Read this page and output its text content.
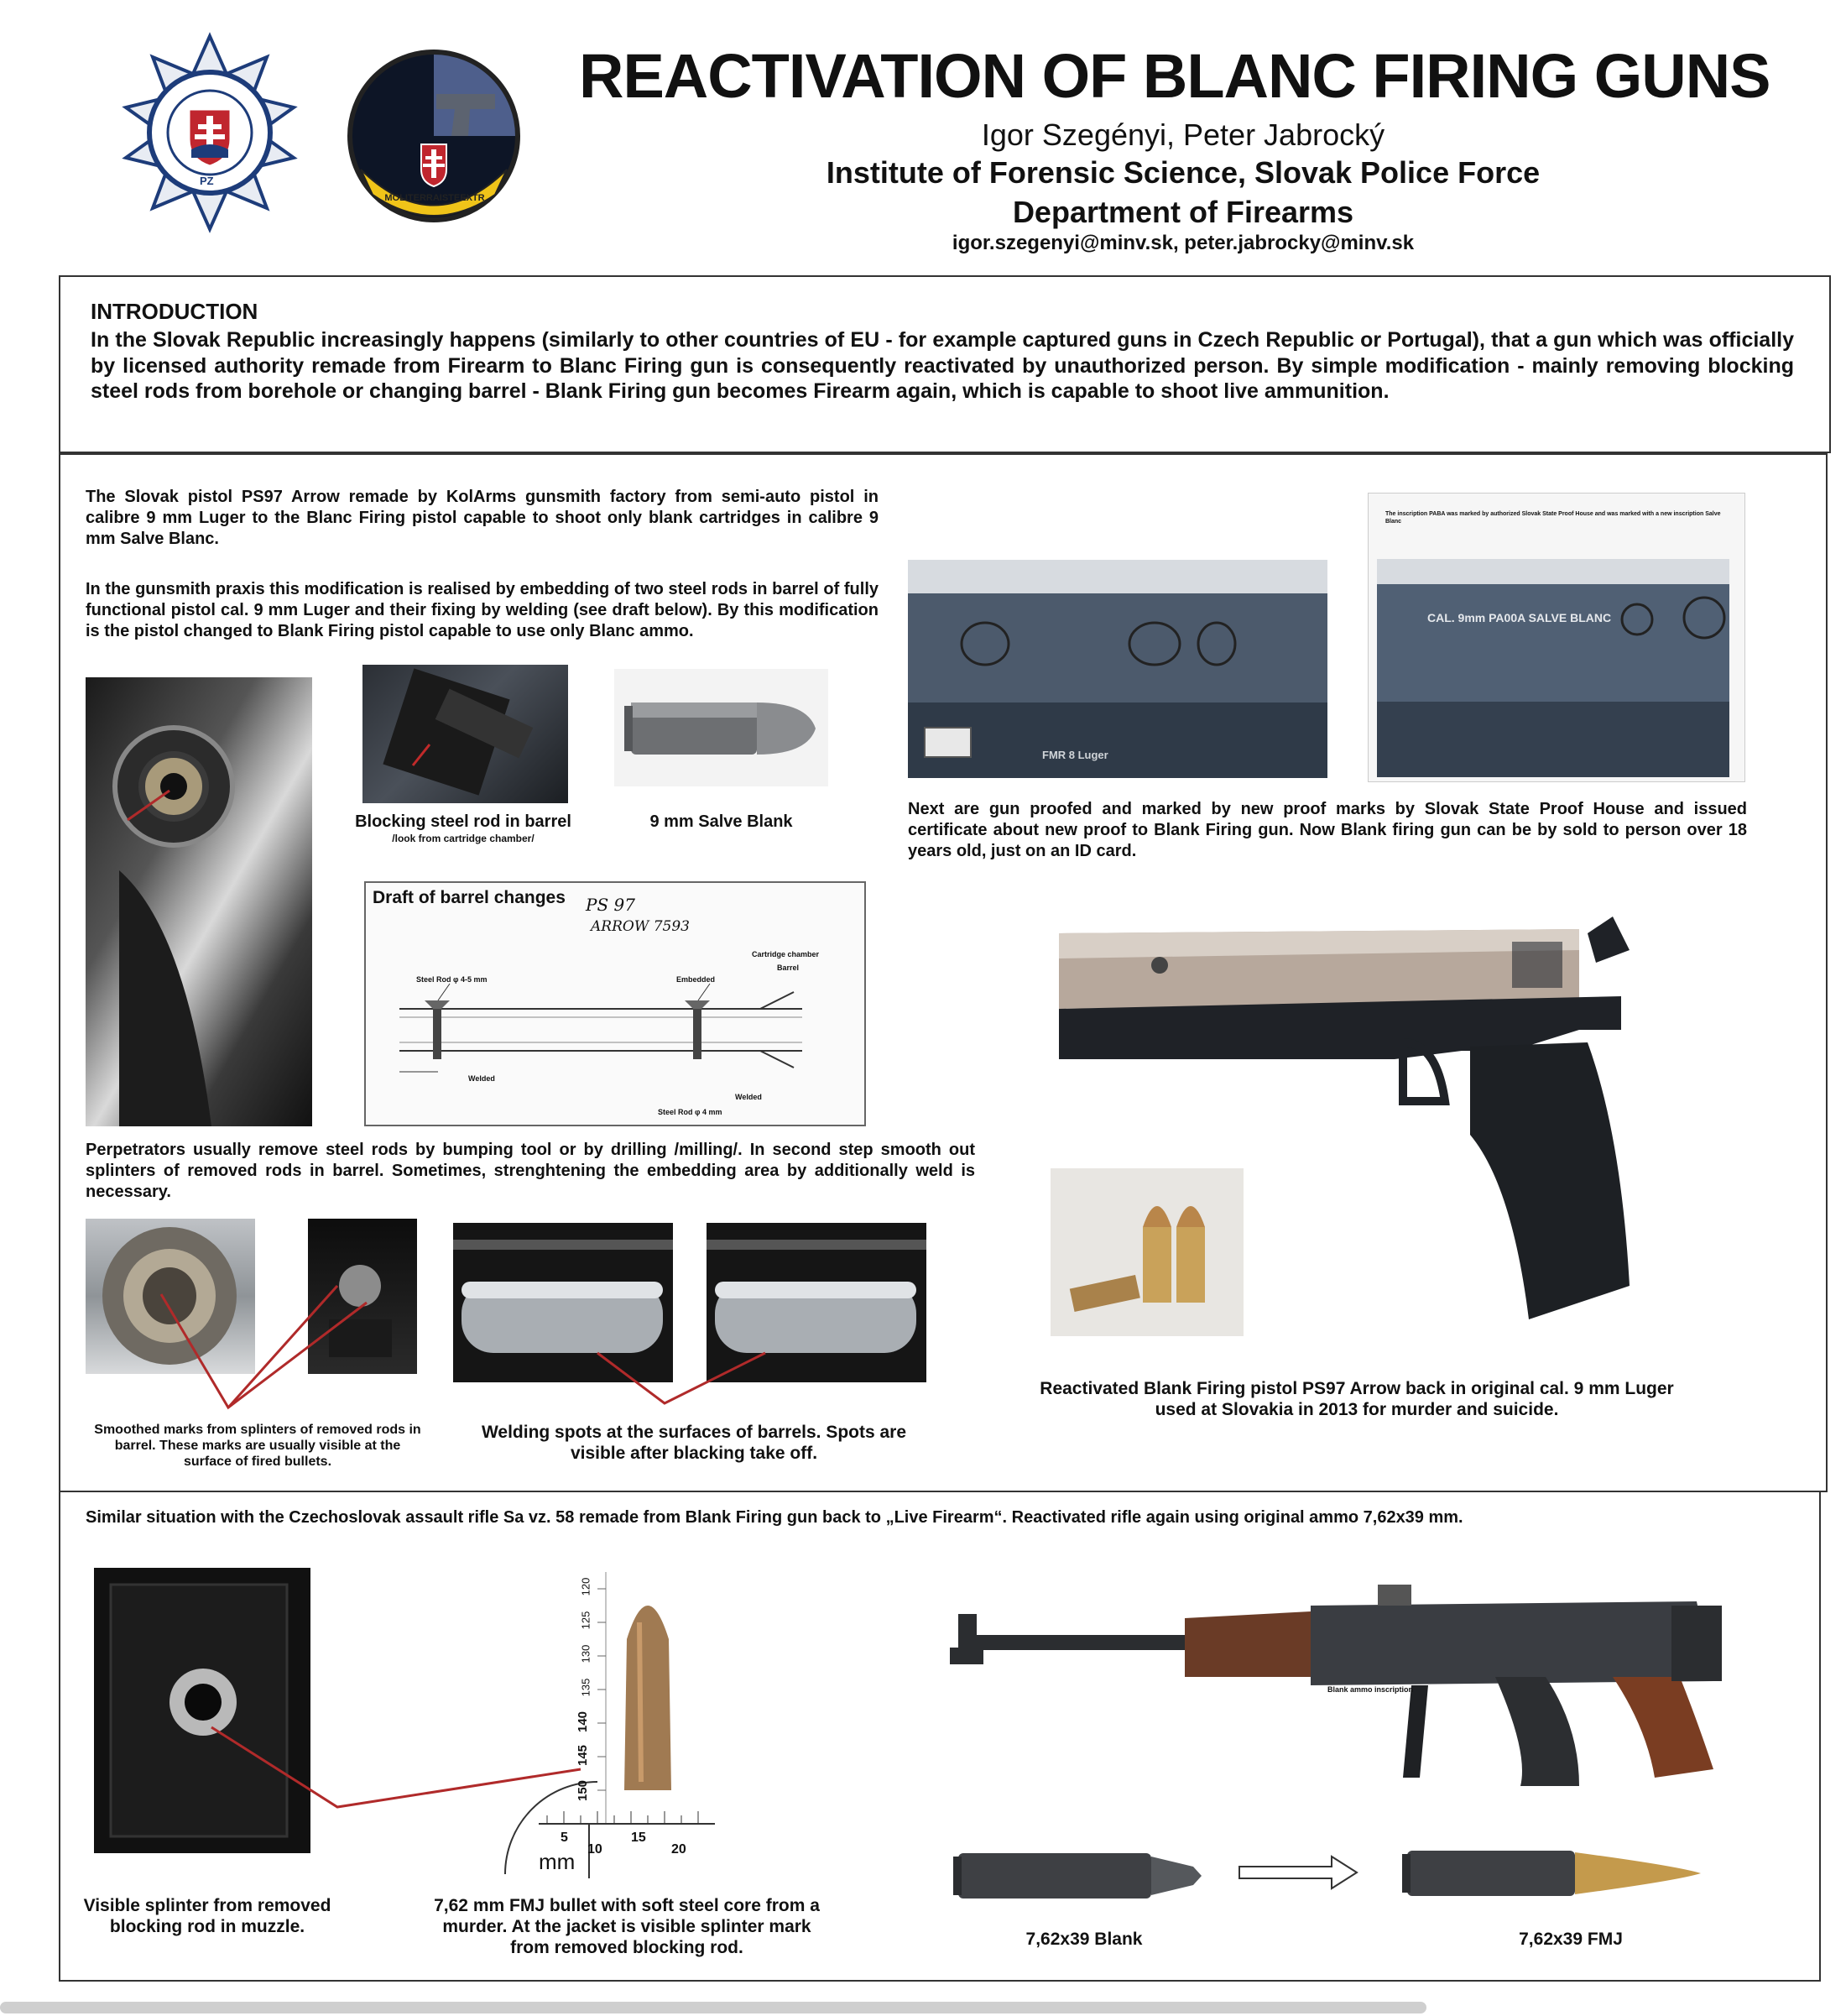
PZ
MOLITERRAISTEEXTR
REACTIVATION OF BLANC FIRING GUNS
Igor Szegényi, Peter Jabrocký
Institute of Forensic Science, Slovak Police Force
Department of Firearms
igor.szegenyi@minv.sk, peter.jabrocky@minv.sk
INTRODUCTION
In the Slovak Republic increasingly happens (similarly to other countries of EU - for example captured guns in Czech Republic or Portugal), that a gun which was officially by licensed authority remade from Firearm to Blanc Firing gun is consequently reactivated by unauthorized person. By simple modification - mainly removing blocking steel rods from borehole or changing barrel - Blank Firing gun becomes Firearm again, which is capable to shoot live ammunition.
The Slovak pistol PS97 Arrow remade by KolArms gunsmith factory from semi-auto pistol in calibre 9 mm Luger to the Blanc Firing pistol capable to shoot only blank cartridges in calibre 9 mm Salve Blanc.
In the gunsmith praxis this modification is realised by embedding of two steel rods in barrel of fully functional pistol cal. 9 mm Luger and their fixing by welding (see draft below). By this modification is the pistol changed to Blank Firing pistol capable to use only Blanc ammo.
Blocking steel rod in barrel
/look from cartridge chamber/
9 mm Salve Blank
Draft of barrel changes PS 97
ARROW 7593
Steel Rod φ 4-5 mm	Embedded
Cartridge chamber
Barrel
Welded
Welded
Steel Rod φ 4 mm
FMR 8 Luger
The inscription PABA was marked by authorized Slovak State Proof House and was marked with a new inscription Salve Blanc
CAL. 9mm PA00A SALVE BLANC
Next are gun proofed and marked by new proof marks by Slovak State Proof House and issued certificate about new proof to Blank Firing gun. Now Blank firing gun can be by sold to person over 18 years old, just on an ID card.
Reactivated Blank Firing pistol PS97 Arrow back in original cal. 9 mm Luger used at Slovakia in 2013 for murder and suicide.
Perpetrators usually remove steel rods by bumping tool or by drilling /milling/. In second step smooth out splinters of removed rods in barrel. Sometimes, strenghtening the embedding area by additionally weld is necessary.
Smoothed marks from splinters of removed rods in barrel. These marks are usually visible at the surface of fired bullets.
Welding spots at the surfaces of barrels. Spots are visible after blacking take off.
Similar situation with the Czechoslovak assault rifle Sa vz. 58 remade from Blank Firing gun back to „Live Firearm“. Reactivated rifle again using original ammo 7,62x39 mm.
Visible splinter from removed blocking rod in muzzle.
120
125
130
135
140
145
150
5
10
15
20
mm
7,62 mm FMJ bullet with soft steel core from a murder. At the jacket is visible splinter mark from removed blocking rod.
Blank ammo inscription
7,62x39 Blank	7,62x39 FMJ
